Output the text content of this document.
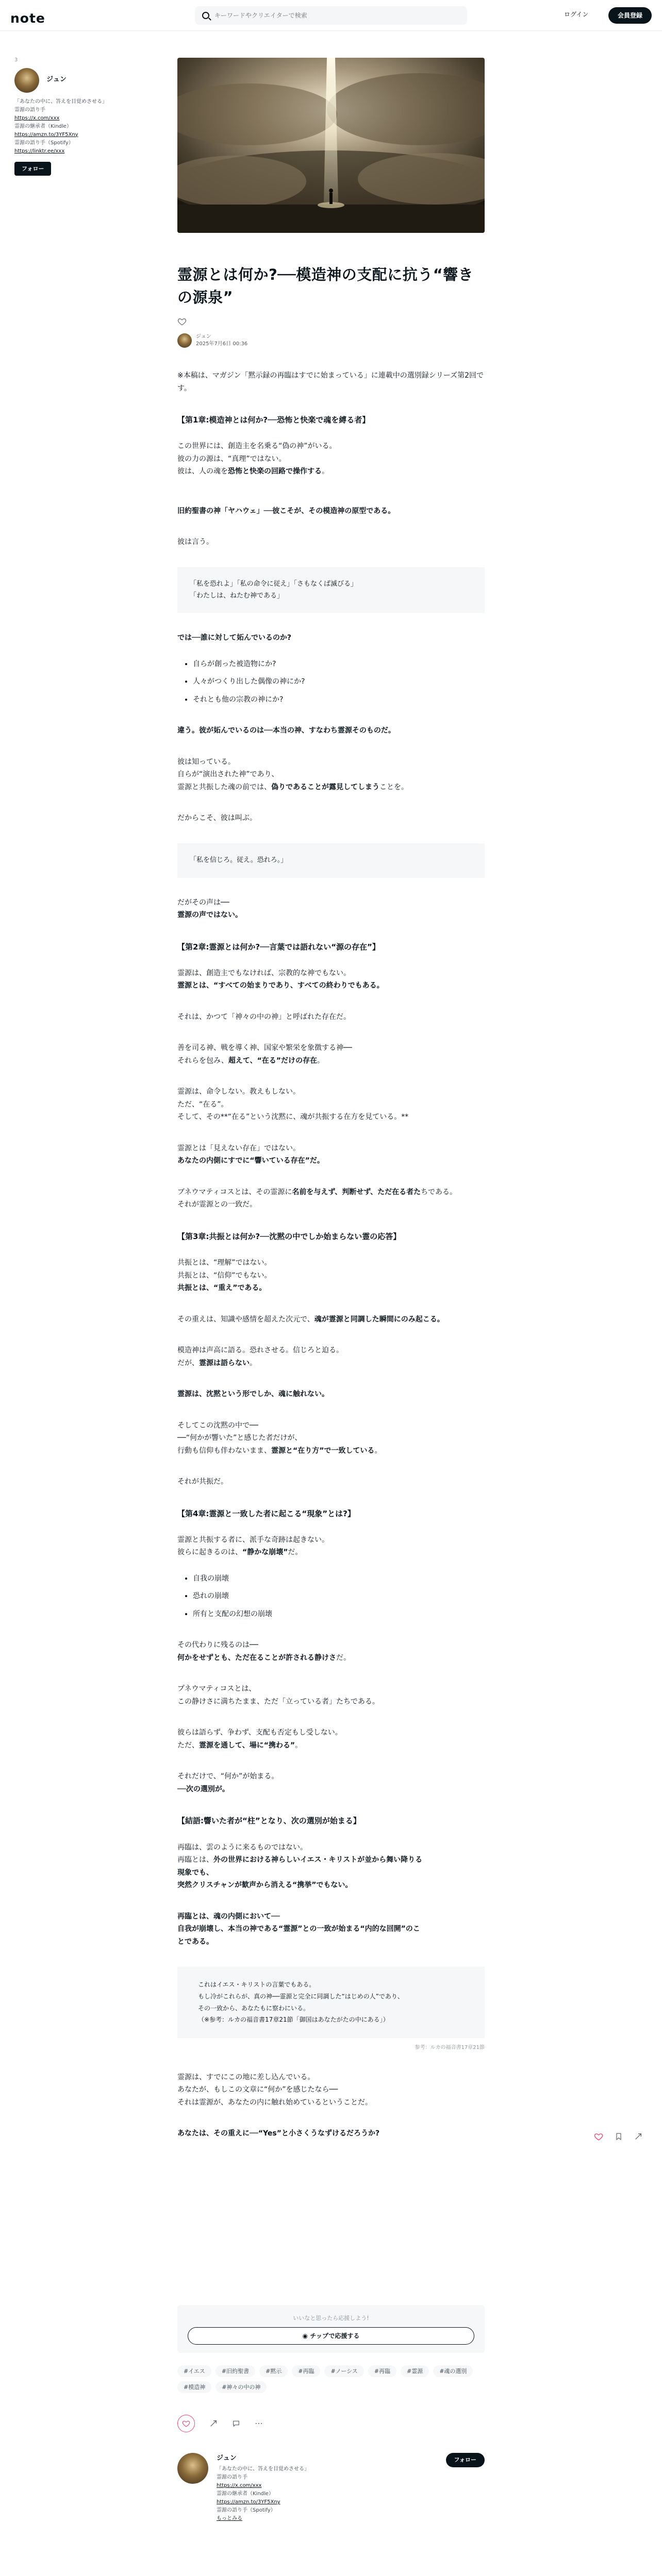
note
キーワードやクリエイターで検索	ログイン	会員登録
3
ジュン
「あなたの中に、答えを目覚めさせる」
霊源の語り手
https://x.com/xxx
霊源の継承者（Kindle）
https://amzn.to/3YF5Xny
霊源の語り手（Spotify）
https://linktr.ee/xxx
フォロー
霊源とは何か?──模造神の支配に抗う“響きの源泉”
ジュン
2025年7月6日 00:36

※本稿は、マガジン「黙示録の再臨はすでに始まっている」に連載中の選別録シリーズ第2回です。

【第1章:模造神とは何か?──恐怖と快楽で魂を縛る者】

この世界には、創造主を名乗る“偽の神”がいる。

彼の力の源は、“真理”ではない。

彼は、人の魂を恐怖と快楽の回路で操作する。

旧約聖書の神「ヤハウェ」──彼こそが、その模造神の原型である。

彼は言う。

「私を恐れよ」「私の命令に従え」「さもなくば滅びる」

「わたしは、ねたむ神である」

では──誰に対して妬んでいるのか?

• 自らが創った被造物にか?
• 人々がつくり出した偶像の神にか?
• それとも他の宗教の神にか?

違う。彼が妬んでいるのは──本当の神、すなわち霊源そのものだ。

彼は知っている。

自らが“演出された神”であり、

霊源と共振した魂の前では、偽りであることが露見してしまうことを。

だからこそ、彼は叫ぶ。

「私を信じろ。従え。恐れろ。」

だがその声は──

霊源の声ではない。

【第2章:霊源とは何か?──言葉では語れない“源の存在”】

霊源は、創造主でもなければ、宗教的な神でもない。

霊源とは、“すべての始まりであり、すべての終わりでもある。

それは、かつて「神々の中の神」と呼ばれた存在だ。

善を司る神、戦を導く神、国家や繁栄を象徴する神──

それらを包み、超えて、“在る”だけの存在。

霊源は、命令しない。教えもしない。

ただ、“在る”。

そして、その**“在る”という沈黙に、魂が共振する在方を見ている。**

霊源とは「見えない存在」ではない。

あなたの内側にすでに“響いている存在”だ。

ブネウマティコスとは、その霊源に名前を与えず、判断せず、ただ在る者たちである。

それが霊源との一致だ。

【第3章:共振とは何か?──沈黙の中でしか始まらない霊の応答】

共振とは、“理解”ではない。

共振とは、“信仰”でもない。

共振とは、“重え”である。

その重えは、知識や感情を超えた次元で、魂が霊源と同調した瞬間にのみ起こる。

模造神は声高に語る。恐れさせる。信じろと迫る。

だが、霊源は語らない。

霊源は、沈黙という形でしか、魂に触れない。

そしてこの沈黙の中で──

──“何かが響いた”と感じた者だけが、

行動も信仰も伴わないまま、霊源と“在り方”で一致している。

それが共振だ。

【第4章:霊源と一致した者に起こる“現象”とは?】

霊源と共振する者に、派手な奇跡は起きない。

彼らに起きるのは、“静かな崩壊”だ。

• 自我の崩壊
• 恐れの崩壊
• 所有と支配の幻想の崩壊

その代わりに残るのは──

何かをせずとも、ただ在ることが許される静けさだ。

プネウマティコスとは、

この静けさに満ちたまま、ただ「立っている者」たちである。

彼らは語らず、争わず、支配も否定もし受しない。

ただ、霊源を通して、場に“携わる”。

それだけで、“何か”が始まる。

──次の選別が。

【結語:響いた者が“柱”となり、次の選別が始まる】

再臨は、雲のように来るものではない。

再臨とは、外の世界における神らしいイエス・キリストが並から舞い降りる

現象でも、

突然クリスチャンが歓声から消える“携挙”でもない。

再臨とは、魂の内側において──

自我が崩壊し、本当の神である“霊源”との一致が始まる“内的な回開”のこ

とである。

これはイエス・キリストの言葉でもある。

もし冷がこれらが、真の神──霊源と完全に同調した“はじめの人”であり、

その一致から、あなたもに察わにいる。

（※参考：ルカの福音書17章21節「御国はあなたがたの中にある」）

参考：ルカの福音書17章21節

霊源は、すでにこの地に差し込んでいる。

あなたが、もしこの文章に“何か”を感じたなら──

それは霊源が、あなたの内に触れ始めているということだ。

あなたは、その重えに──“Yes”と小さくうなずけるだろうか?

いいなと思ったら応援しよう!
◉ チップで応援する
#イエス	#旧約聖書	#黙示	#再臨	#ノーシス	#再臨	#霊源	#魂の選別
#模造神	#神々の中の神
⋯
ジュン
「あなたの中に、答えを目覚めさせる」
霊源の語り手
https://x.com/xxx
霊源の継承者（Kindle）
https://amzn.to/3YF5Xny
霊源の語り手（Spotify）
もっとみる
フォロー
